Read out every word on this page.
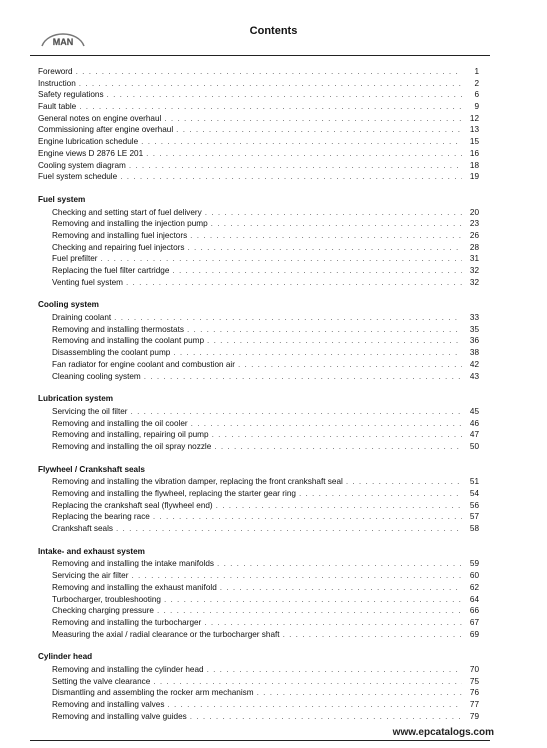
MAN
Contents
Foreword . . .	1
Instruction . . .	2
Safety regulations . . .	6
Fault table . . .	9
General notes on engine overhaul . . .	12
Commissioning after engine overhaul . . .	13
Engine lubrication schedule . . .	15
Engine views D 2876 LE 201 . . .	16
Cooling system diagram . . .	18
Fuel system schedule . . .	19
Fuel system
Checking and setting start of fuel delivery . . .	20
Removing and installing the injection pump . . .	23
Removing and installing fuel injectors . . .	26
Checking and repairing fuel injectors . . .	28
Fuel prefilter . . .	31
Replacing the fuel filter cartridge . . .	32
Venting fuel system . . .	32
Cooling system
Draining coolant . . .	33
Removing and installing thermostats . . .	35
Removing and installing the coolant pump . . .	36
Disassembling the coolant pump . . .	38
Fan radiator for engine coolant and combustion air . . .	42
Cleaning cooling system . . .	43
Lubrication system
Servicing the oil filter . . .	45
Removing and installing the oil cooler . . .	46
Removing and installing, repairing oil pump . . .	47
Removing and installing the oil spray nozzle . . .	50
Flywheel / Crankshaft seals
Removing and installing the vibration damper, replacing the front crankshaft seal . . .	51
Removing and installing the flywheel, replacing the starter gear ring . . .	54
Replacing the crankshaft seal (flywheel end) . . .	56
Replacing the bearing race . . .	57
Crankshaft seals . . .	58
Intake- and exhaust system
Removing and installing the intake manifolds . . .	59
Servicing the air filter . . .	60
Removing and installing the exhaust manifold . . .	62
Turbocharger, troubleshooting . . .	64
Checking charging pressure . . .	66
Removing and installing the turbocharger . . .	67
Measuring the axial / radial clearance or the turbocharger shaft . . .	69
Cylinder head
Removing and installing the cylinder head . . .	70
Setting the valve clearance . . .	75
Dismantling and assembling the rocker arm mechanism . . .	76
Removing and installing valves . . .	77
Removing and installing valve guides . . .	79
www.epcatalogs.com
